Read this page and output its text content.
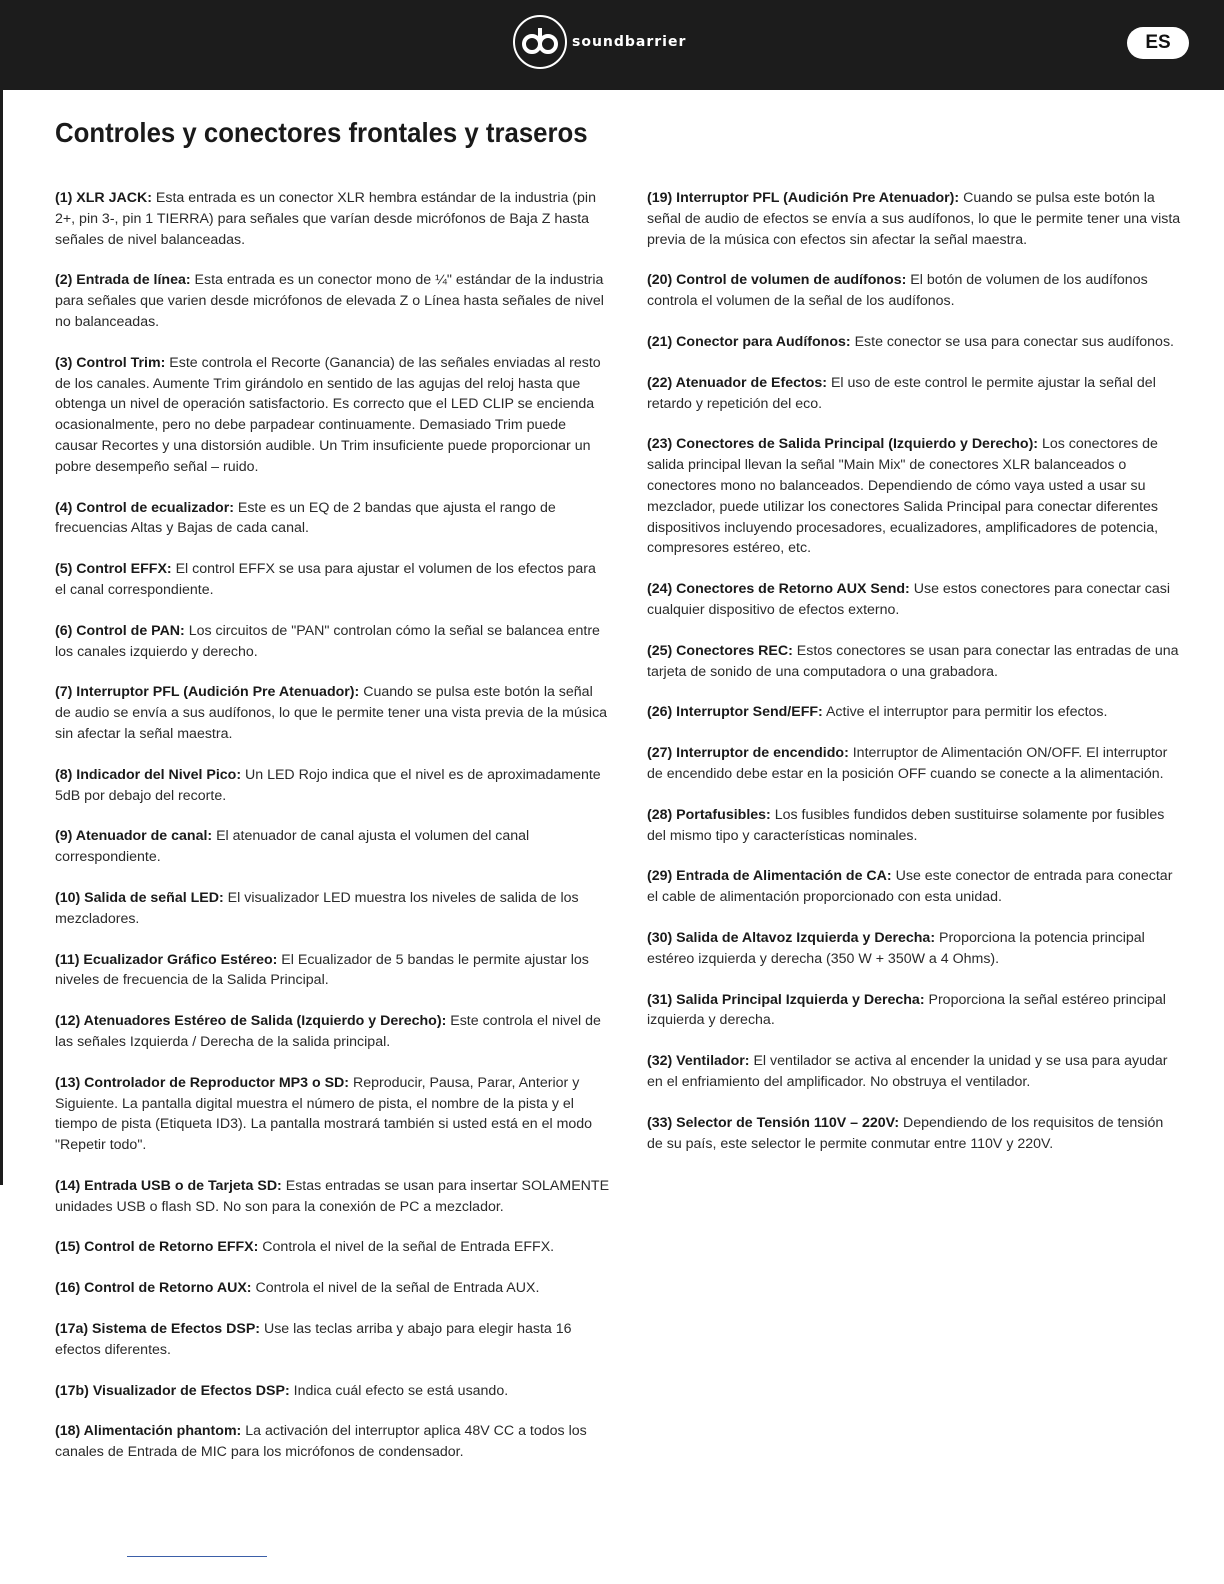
soundbarrier	ES
Controles y conectores frontales y traseros

(1) XLR JACK: Esta entrada es un conector XLR hembra estándar de la industria (pin 2+, pin 3-, pin 1 TIERRA) para señales que varían desde micrófonos de Baja Z hasta señales de nivel balanceadas.

(2) Entrada de línea: Esta entrada es un conector mono de ¼" estándar de la industria para señales que varien desde micrófonos de elevada Z o Línea hasta señales de nivel no balanceadas.

(3) Control Trim: Este controla el Recorte (Ganancia) de las señales enviadas al resto de los canales. Aumente Trim girándolo en sentido de las agujas del reloj hasta que obtenga un nivel de operación satisfactorio. Es correcto que el LED CLIP se encienda ocasionalmente, pero no debe parpadear continuamente. Demasiado Trim puede causar Recortes y una distorsión audible. Un Trim insuficiente puede proporcionar un pobre desempeño señal – ruido.

(4) Control de ecualizador: Este es un EQ de 2 bandas que ajusta el rango de frecuencias Altas y Bajas de cada canal.

(5) Control EFFX: El control EFFX se usa para ajustar el volumen de los efectos para el canal correspondiente.

(6) Control de PAN: Los circuitos de "PAN" controlan cómo la señal se balancea entre los canales izquierdo y derecho.

(7) Interruptor PFL (Audición Pre Atenuador): Cuando se pulsa este botón la señal de audio se envía a sus audífonos, lo que le permite tener una vista previa de la música sin afectar la señal maestra.

(8) Indicador del Nivel Pico: Un LED Rojo indica que el nivel es de aproximadamente 5dB por debajo del recorte.

(9) Atenuador de canal: El atenuador de canal ajusta el volumen del canal correspondiente.

(10) Salida de señal LED: El visualizador LED muestra los niveles de salida de los mezcladores.

(11) Ecualizador Gráfico Estéreo: El Ecualizador de 5 bandas le permite ajustar los niveles de frecuencia de la Salida Principal.

(12) Atenuadores Estéreo de Salida (Izquierdo y Derecho): Este controla el nivel de las señales Izquierda / Derecha de la salida principal.

(13) Controlador de Reproductor MP3 o SD: Reproducir, Pausa, Parar, Anterior y Siguiente. La pantalla digital muestra el número de pista, el nombre de la pista y el tiempo de pista (Etiqueta ID3). La pantalla mostrará también si usted está en el modo "Repetir todo".

(14) Entrada USB o de Tarjeta SD: Estas entradas se usan para insertar SOLAMENTE unidades USB o flash SD. No son para la conexión de PC a mezclador.

(15) Control de Retorno EFFX: Controla el nivel de la señal de Entrada EFFX.

(16) Control de Retorno AUX: Controla el nivel de la señal de Entrada AUX.

(17a) Sistema de Efectos DSP: Use las teclas arriba y abajo para elegir hasta 16 efectos diferentes.

(17b) Visualizador de Efectos DSP: Indica cuál efecto se está usando.

(18) Alimentación phantom: La activación del interruptor aplica 48V CC a todos los canales de Entrada de MIC para los micrófonos de condensador.

(19) Interruptor PFL (Audición Pre Atenuador): Cuando se pulsa este botón la señal de audio de efectos se envía a sus audífonos, lo que le permite tener una vista previa de la música con efectos sin afectar la señal maestra.

(20) Control de volumen de audífonos: El botón de volumen de los audífonos controla el volumen de la señal de los audífonos.

(21) Conector para Audífonos: Este conector se usa para conectar sus audífonos.

(22) Atenuador de Efectos: El uso de este control le permite ajustar la señal del retardo y repetición del eco.

(23) Conectores de Salida Principal (Izquierdo y Derecho): Los conectores de salida principal llevan la señal "Main Mix" de conectores XLR balanceados o conectores mono no balanceados. Dependiendo de cómo vaya usted a usar su mezclador, puede utilizar los conectores Salida Principal para conectar diferentes dispositivos incluyendo procesadores, ecualizadores, amplificadores de potencia, compresores estéreo, etc.

(24) Conectores de Retorno AUX Send: Use estos conectores para conectar casi cualquier dispositivo de efectos externo.

(25) Conectores REC: Estos conectores se usan para conectar las entradas de una tarjeta de sonido de una computadora o una grabadora.

(26) Interruptor Send/EFF: Active el interruptor para permitir los efectos.

(27) Interruptor de encendido: Interruptor de Alimentación ON/OFF. El interruptor de encendido debe estar en la posición OFF cuando se conecte a la alimentación.

(28) Portafusibles: Los fusibles fundidos deben sustituirse solamente por fusibles del mismo tipo y características nominales.

(29) Entrada de Alimentación de CA: Use este conector de entrada para conectar el cable de alimentación proporcionado con esta unidad.

(30) Salida de Altavoz Izquierda y Derecha: Proporciona la potencia principal estéreo izquierda y derecha (350 W + 350W a 4 Ohms).

(31) Salida Principal Izquierda y Derecha: Proporciona la señal estéreo principal izquierda y derecha.

(32) Ventilador: El ventilador se activa al encender la unidad y se usa para ayudar en el enfriamiento del amplificador. No obstruya el ventilador.

(33) Selector de Tensión 110V – 220V: Dependiendo de los requisitos de tensión de su país, este selector le permite conmutar entre 110V y 220V.
